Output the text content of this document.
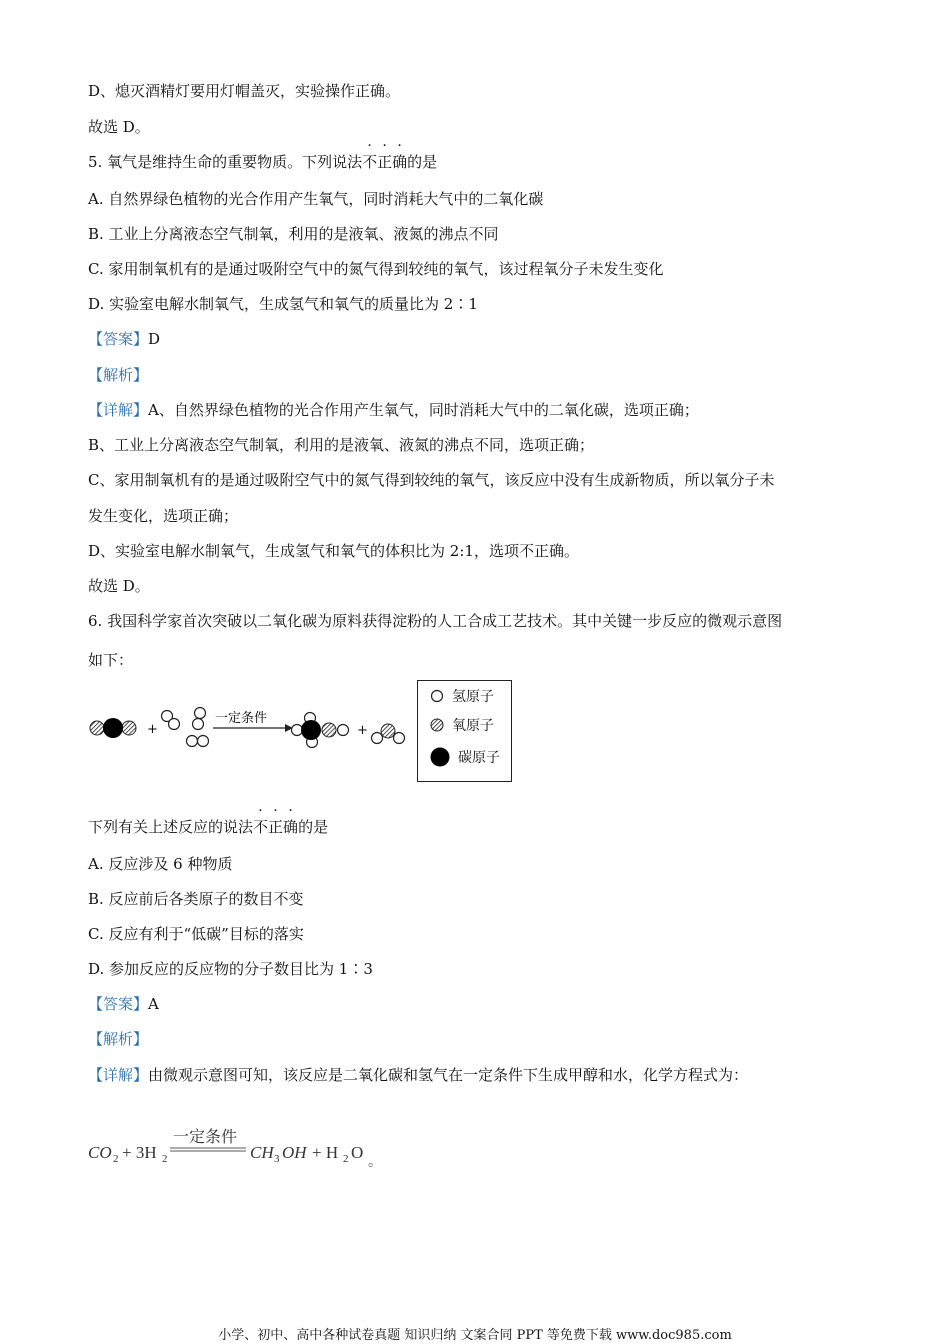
D、熄灭酒精灯要用灯帽盖灭，实验操作正确。
故选 D。
5. 氧气是维持生命的重要物质。下列说法不正确的是
A. 自然界绿色植物的光合作用产生氧气，同时消耗大气中的二氧化碳
B. 工业上分离液态空气制氧，利用的是液氧、液氮的沸点不同
C. 家用制氧机有的是通过吸附空气中的氮气得到较纯的氧气，该过程氧分子未发生变化
D. 实验室电解水制氧气，生成氢气和氧气的质量比为 2∶1
【答案】D
【解析】
【详解】A、自然界绿色植物的光合作用产生氧气，同时消耗大气中的二氧化碳，选项正确；
B、工业上分离液态空气制氧，利用的是液氧、液氮的沸点不同，选项正确；
C、家用制氧机有的是通过吸附空气中的氮气得到较纯的氧气，该反应中没有生成新物质，所以氧分子未
发生变化，选项正确；
D、实验室电解水制氧气，生成氢气和氧气的体积比为 2:1，选项不正确。
故选 D。
6. 我国科学家首次突破以二氧化碳为原料获得淀粉的人工合成工艺技术。其中关键一步反应的微观示意图
如下：
+
一定条件
+
氢原子
氧原子
碳原子
下列有关上述反应的说法不正确的是
A. 反应涉及 6 种物质
B. 反应前后各类原子的数目不变
C. 反应有利于“低碳”目标的落实
D. 参加反应的反应物的分子数目比为 1∶3
【答案】A
【解析】
【详解】由微观示意图可知，该反应是二氧化碳和氢气在一定条件下生成甲醇和水，化学方程式为：
一定条件
CO 2 + 3H 2	CH 3 OH + H 2 O
。
小学、初中、高中各种试卷真题 知识归纳 文案合同 PPT 等免费下载 www.doc985.com
